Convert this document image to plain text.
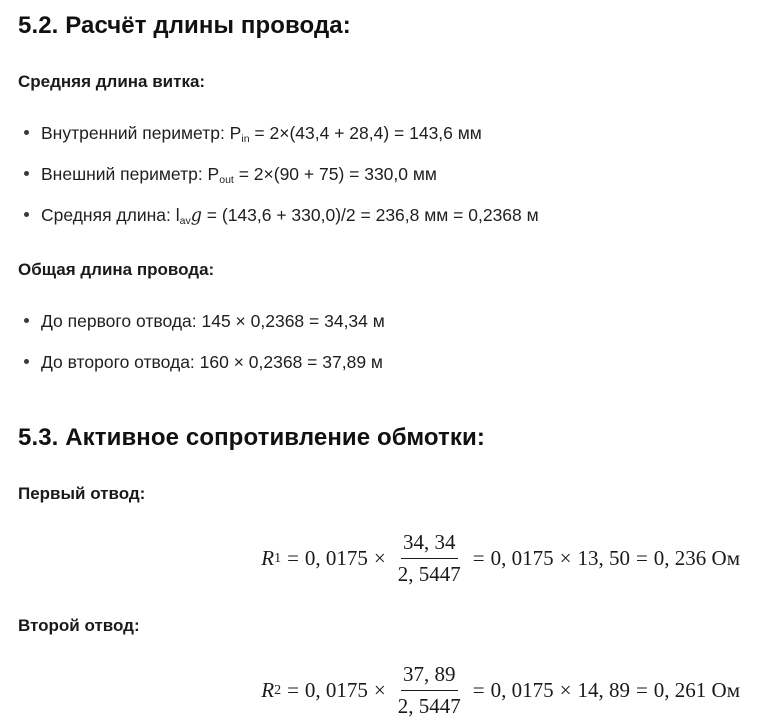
5.2. Расчёт длины провода:
Средняя длина витка:
Внутренний периметр: $P_{in} = 2\times(43,4 + 28,4) = 143,6$ мм
Внешний периметр: $P_{out} = 2\times(90 + 75) = 330,0$ мм
Средняя длина: $l_{av}g = (143,6 + 330,0)/2 = 236,8$ мм = 0,2368 м
Общая длина провода:
До первого отвода: 145 × 0,2368 = 34,34 м
До второго отвода: 160 × 0,2368 = 37,89 м
5.3. Активное сопротивление обмотки:
Первый отвод:
R 1 = 0, $0175 \times \frac{34, 34}{2, 5447} = 0$, 0175 × 13, 50 = 0, 236 Ом
Второй отвод:
R 2 = 0, $0175 \times \frac{37, 89}{2, 5447} = 0$, 0175 × 14, 89 = 0, 261 Ом
